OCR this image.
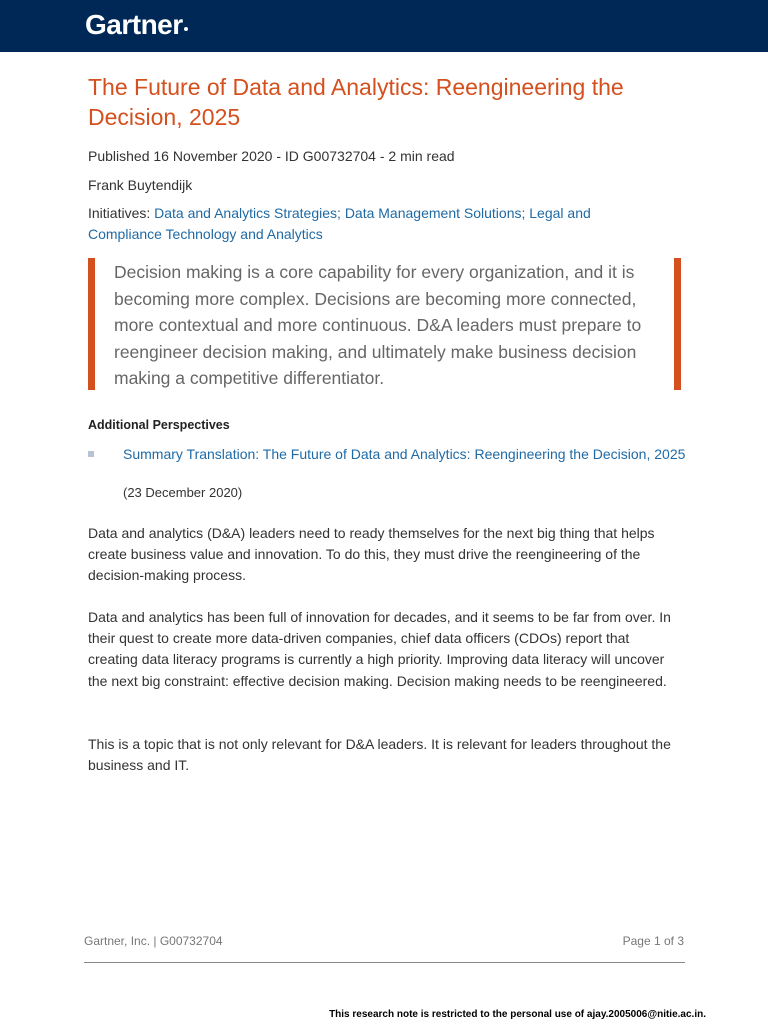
Gartner
The Future of Data and Analytics: Reengineering the Decision, 2025
Published 16 November 2020 - ID G00732704 - 2 min read
Frank Buytendijk
Initiatives: Data and Analytics Strategies; Data Management Solutions; Legal and Compliance Technology and Analytics
Decision making is a core capability for every organization, and it is becoming more complex. Decisions are becoming more connected, more contextual and more continuous. D&A leaders must prepare to reengineer decision making, and ultimately make business decision making a competitive differentiator.
Additional Perspectives
Summary Translation: The Future of Data and Analytics: Reengineering the Decision, 2025
(23 December 2020)

Data and analytics (D&A) leaders need to ready themselves for the next big thing that helps create business value and innovation. To do this, they must drive the reengineering of the decision-making process.

Data and analytics has been full of innovation for decades, and it seems to be far from over. In their quest to create more data-driven companies, chief data officers (CDOs) report that creating data literacy programs is currently a high priority. Improving data literacy will uncover the next big constraint: effective decision making. Decision making needs to be reengineered.

This is a topic that is not only relevant for D&A leaders. It is relevant for leaders throughout the business and IT.

Gartner, Inc. | G00732704	Page 1 of 3
This research note is restricted to the personal use of ajay.2005006@nitie.ac.in.
